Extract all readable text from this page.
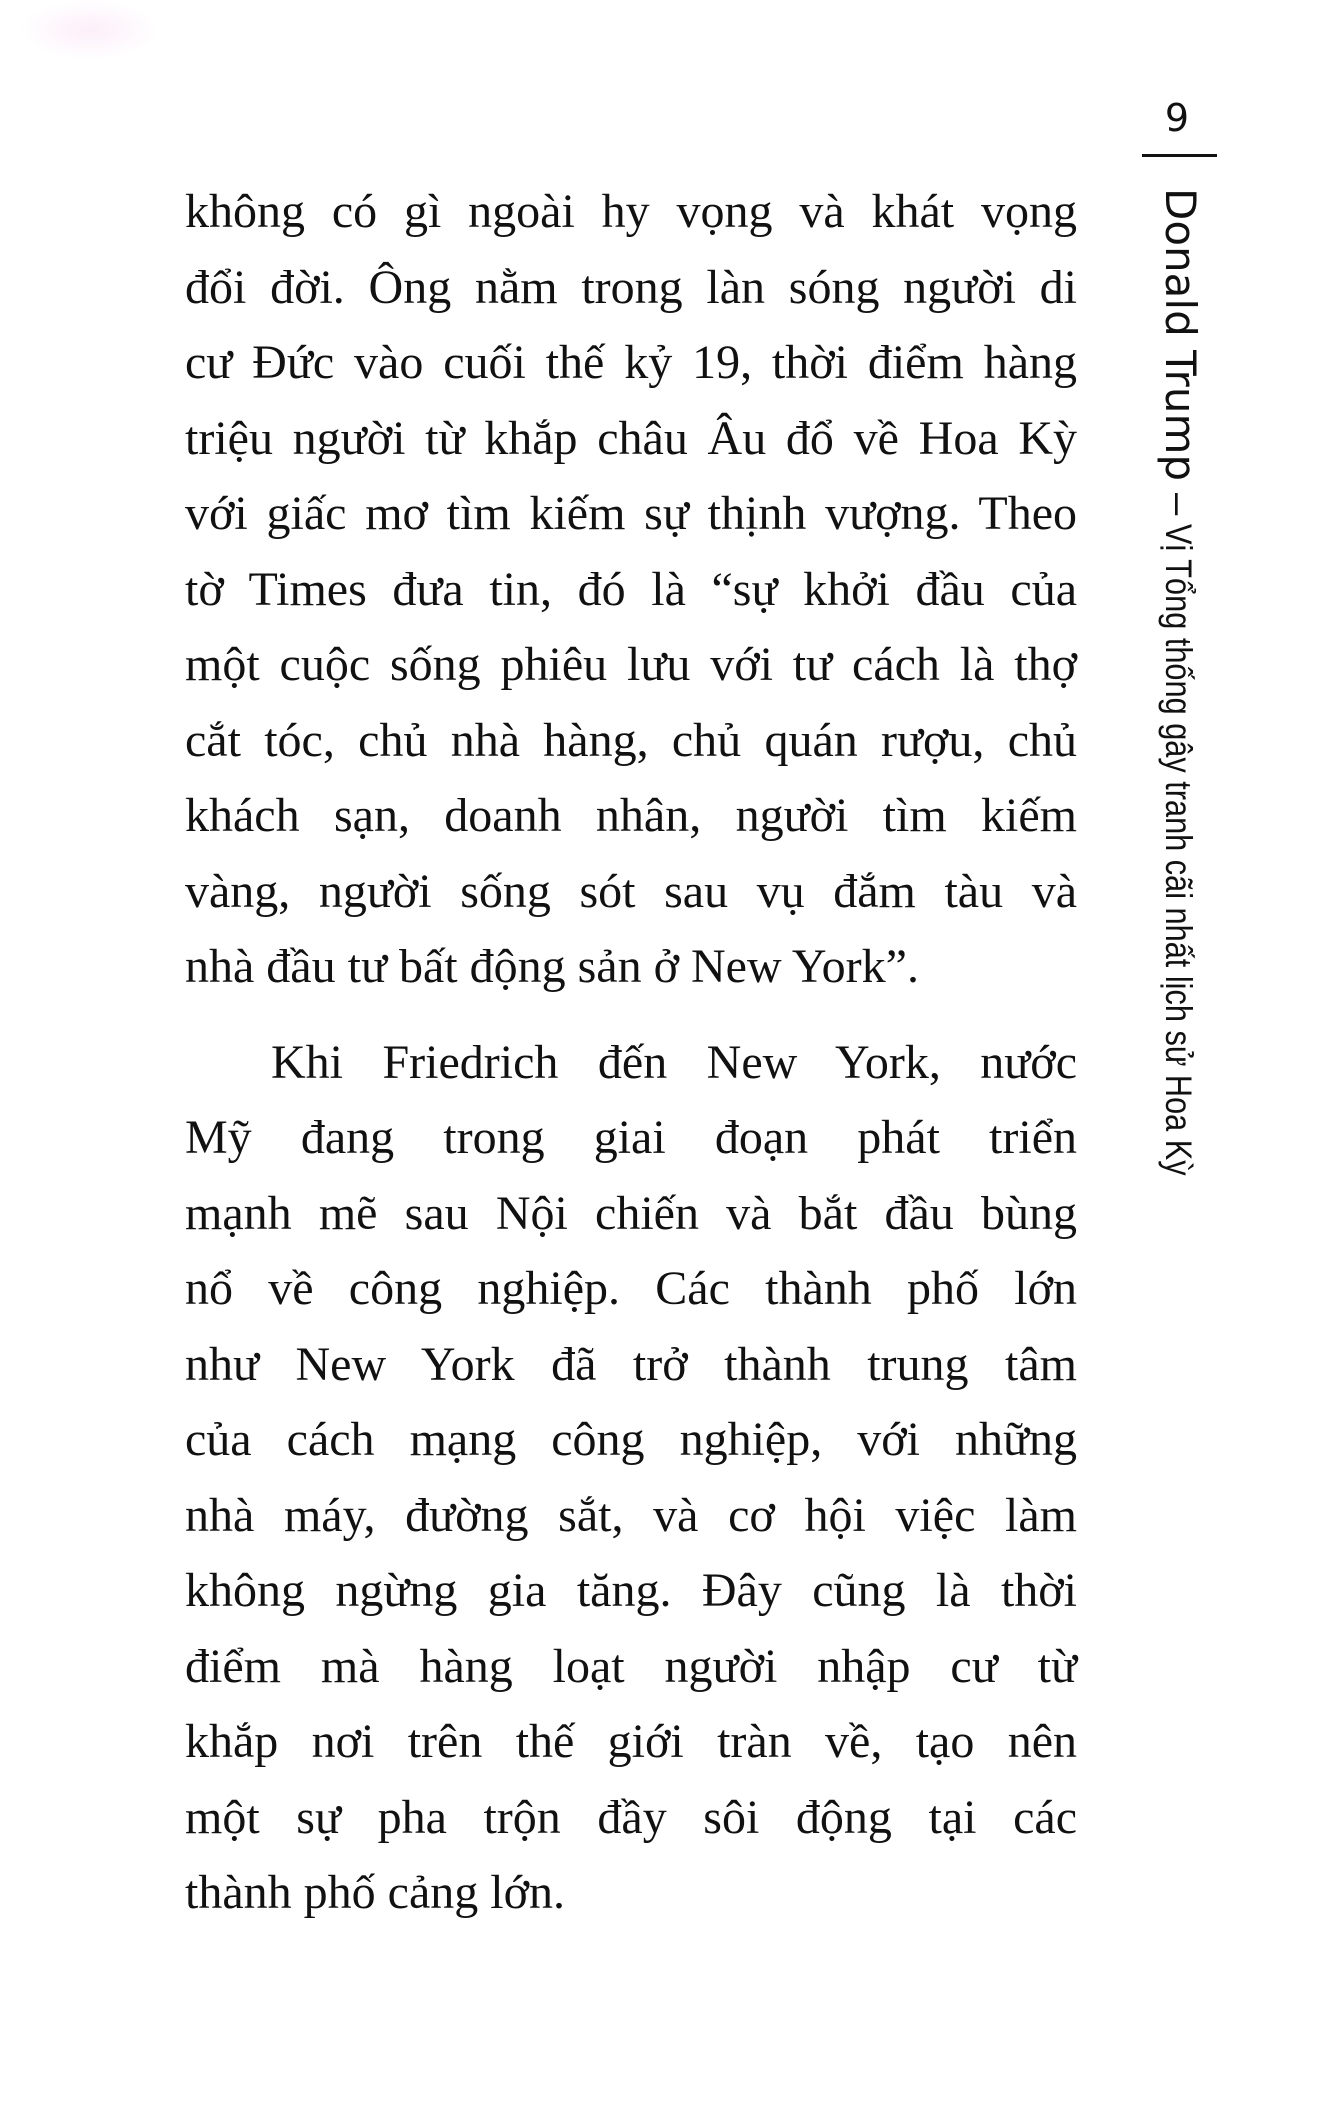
9
Donald Trump–Vị Tổng thống gây tranh cãi nhất lịch sử Hoa Kỳ
không có gì ngoài hy vọng và khát vọng
đổi đời. Ông nằm trong làn sóng người di
cư Đức vào cuối thế kỷ 19, thời điểm hàng
triệu người từ khắp châu Âu đổ về Hoa Kỳ
với giấc mơ tìm kiếm sự thịnh vượng. Theo
tờ Times đưa tin, đó là “sự khởi đầu của
một cuộc sống phiêu lưu với tư cách là thợ
cắt tóc, chủ nhà hàng, chủ quán rượu, chủ
khách sạn, doanh nhân, người tìm kiếm
vàng, người sống sót sau vụ đắm tàu và
nhà đầu tư bất động sản ở New York”.
Khi Friedrich đến New York, nước
Mỹ đang trong giai đoạn phát triển
mạnh mẽ sau Nội chiến và bắt đầu bùng
nổ về công nghiệp. Các thành phố lớn
như New York đã trở thành trung tâm
của cách mạng công nghiệp, với những
nhà máy, đường sắt, và cơ hội việc làm
không ngừng gia tăng. Đây cũng là thời
điểm mà hàng loạt người nhập cư từ
khắp nơi trên thế giới tràn về, tạo nên
một sự pha trộn đầy sôi động tại các
thành phố cảng lớn.
